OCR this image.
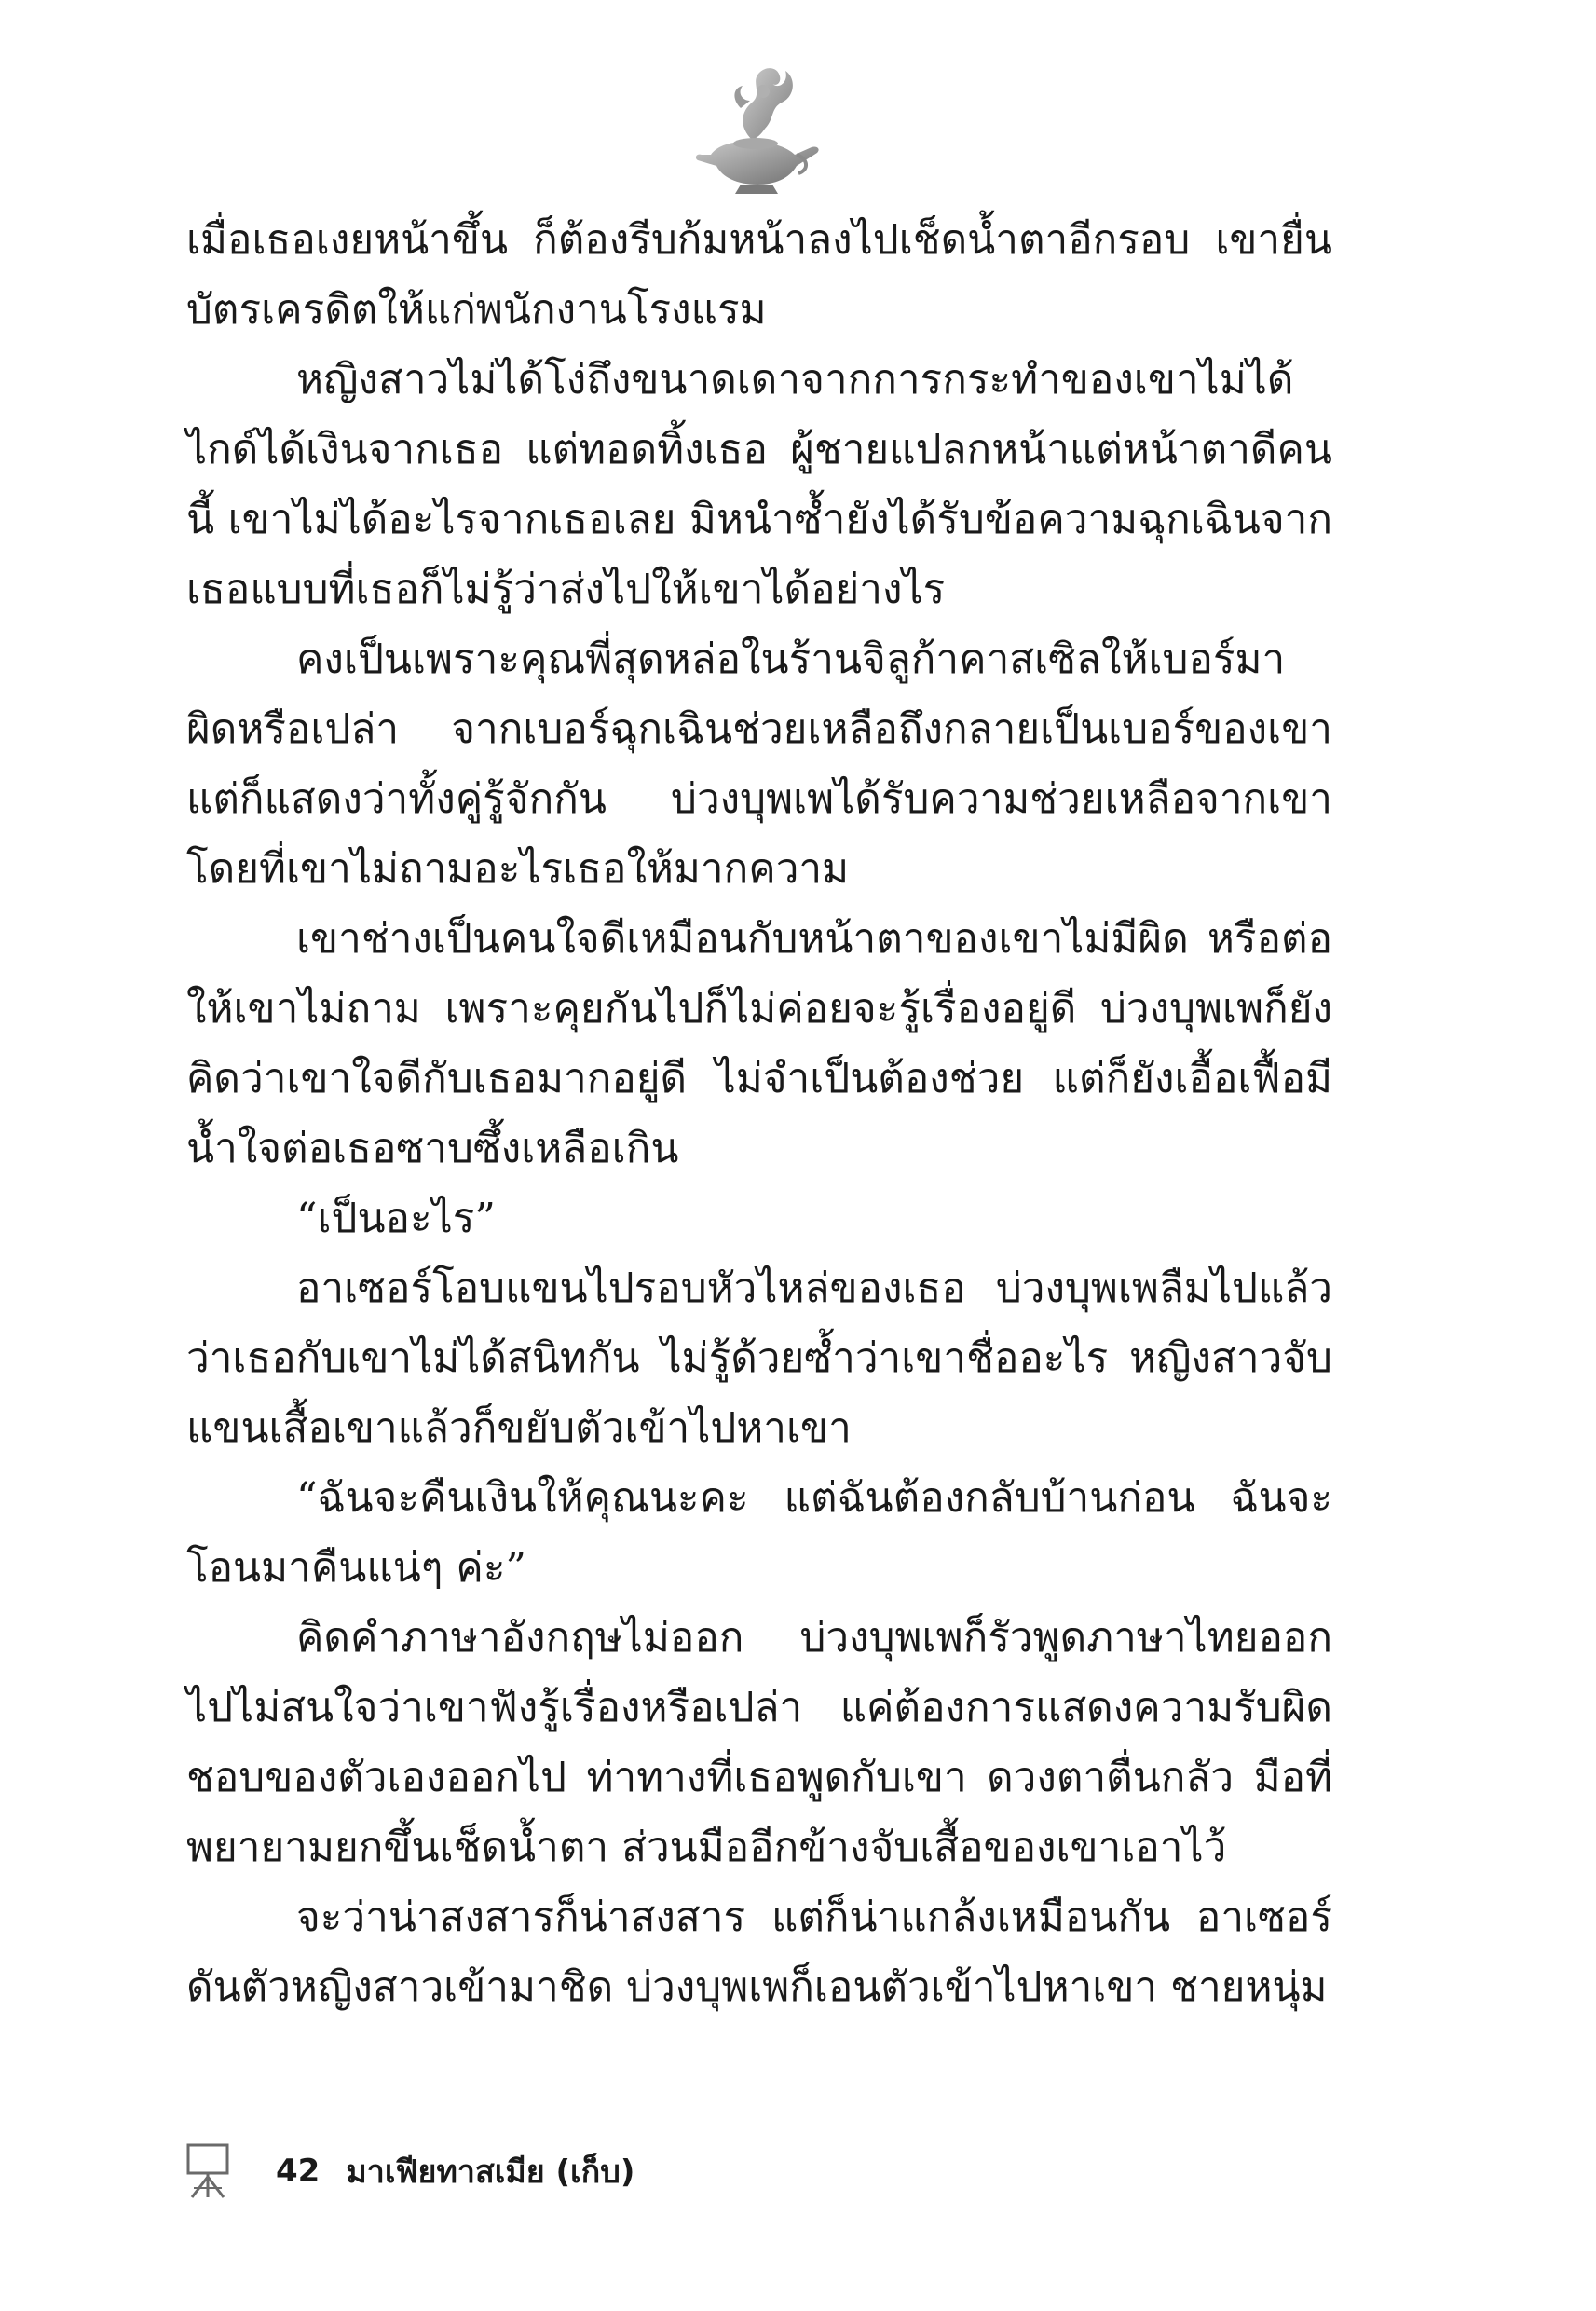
เมื่อเธอเงยหน้าขึ้น ก็ต้องรีบก้มหน้าลงไปเช็ดน้ำตาอีกรอบ เขายื่นบัตรเครดิตให้แก่พนักงานโรงแรม

หญิงสาวไม่ได้โง่ถึงขนาดเดาจากการกระทำของเขาไม่ได้ ไกด์ได้เงินจากเธอ แต่ทอดทิ้งเธอ ผู้ชายแปลกหน้าแต่หน้าตาดีคนนี้ เขาไม่ได้อะไรจากเธอเลย มิหนำซ้ำยังได้รับข้อความฉุกเฉินจากเธอแบบที่เธอก็ไม่รู้ว่าส่งไปให้เขาได้อย่างไร

คงเป็นเพราะคุณพี่สุดหล่อในร้านจิลูก้าคาสเซิลให้เบอร์มาผิดหรือเปล่า จากเบอร์ฉุกเฉินช่วยเหลือถึงกลายเป็นเบอร์ของเขา แต่ก็แสดงว่าทั้งคู่รู้จักกัน บ่วงบุพเพได้รับความช่วยเหลือจากเขาโดยที่เขาไม่ถามอะไรเธอให้มากความ

เขาช่างเป็นคนใจดีเหมือนกับหน้าตาของเขาไม่มีผิด หรือต่อให้เขาไม่ถาม เพราะคุยกันไปก็ไม่ค่อยจะรู้เรื่องอยู่ดี บ่วงบุพเพก็ยังคิดว่าเขาใจดีกับเธอมากอยู่ดี ไม่จำเป็นต้องช่วย แต่ก็ยังเอื้อเฟื้อมีน้ำใจต่อเธอซาบซึ้งเหลือเกิน

“เป็นอะไร”

อาเซอร์โอบแขนไปรอบหัวไหล่ของเธอ บ่วงบุพเพลืมไปแล้วว่าเธอกับเขาไม่ได้สนิทกัน ไม่รู้ด้วยซ้ำว่าเขาชื่ออะไร หญิงสาวจับแขนเสื้อเขาแล้วก็ขยับตัวเข้าไปหาเขา

“ฉันจะคืนเงินให้คุณนะคะ แต่ฉันต้องกลับบ้านก่อน ฉันจะโอนมาคืนแน่ๆ ค่ะ”

คิดคำภาษาอังกฤษไม่ออก บ่วงบุพเพก็รัวพูดภาษาไทยออกไปไม่สนใจว่าเขาฟังรู้เรื่องหรือเปล่า แค่ต้องการแสดงความรับผิดชอบของตัวเองออกไป ท่าทางที่เธอพูดกับเขา ดวงตาตื่นกลัว มือที่พยายามยกขึ้นเช็ดน้ำตา ส่วนมืออีกข้างจับเสื้อของเขาเอาไว้

จะว่าน่าสงสารก็น่าสงสาร แต่ก็น่าแกล้งเหมือนกัน อาเซอร์ดันตัวหญิงสาวเข้ามาชิด บ่วงบุพเพก็เอนตัวเข้าไปหาเขา ชายหนุ่ม

42 มาเฟียทาสเมีย (เก็บ)
